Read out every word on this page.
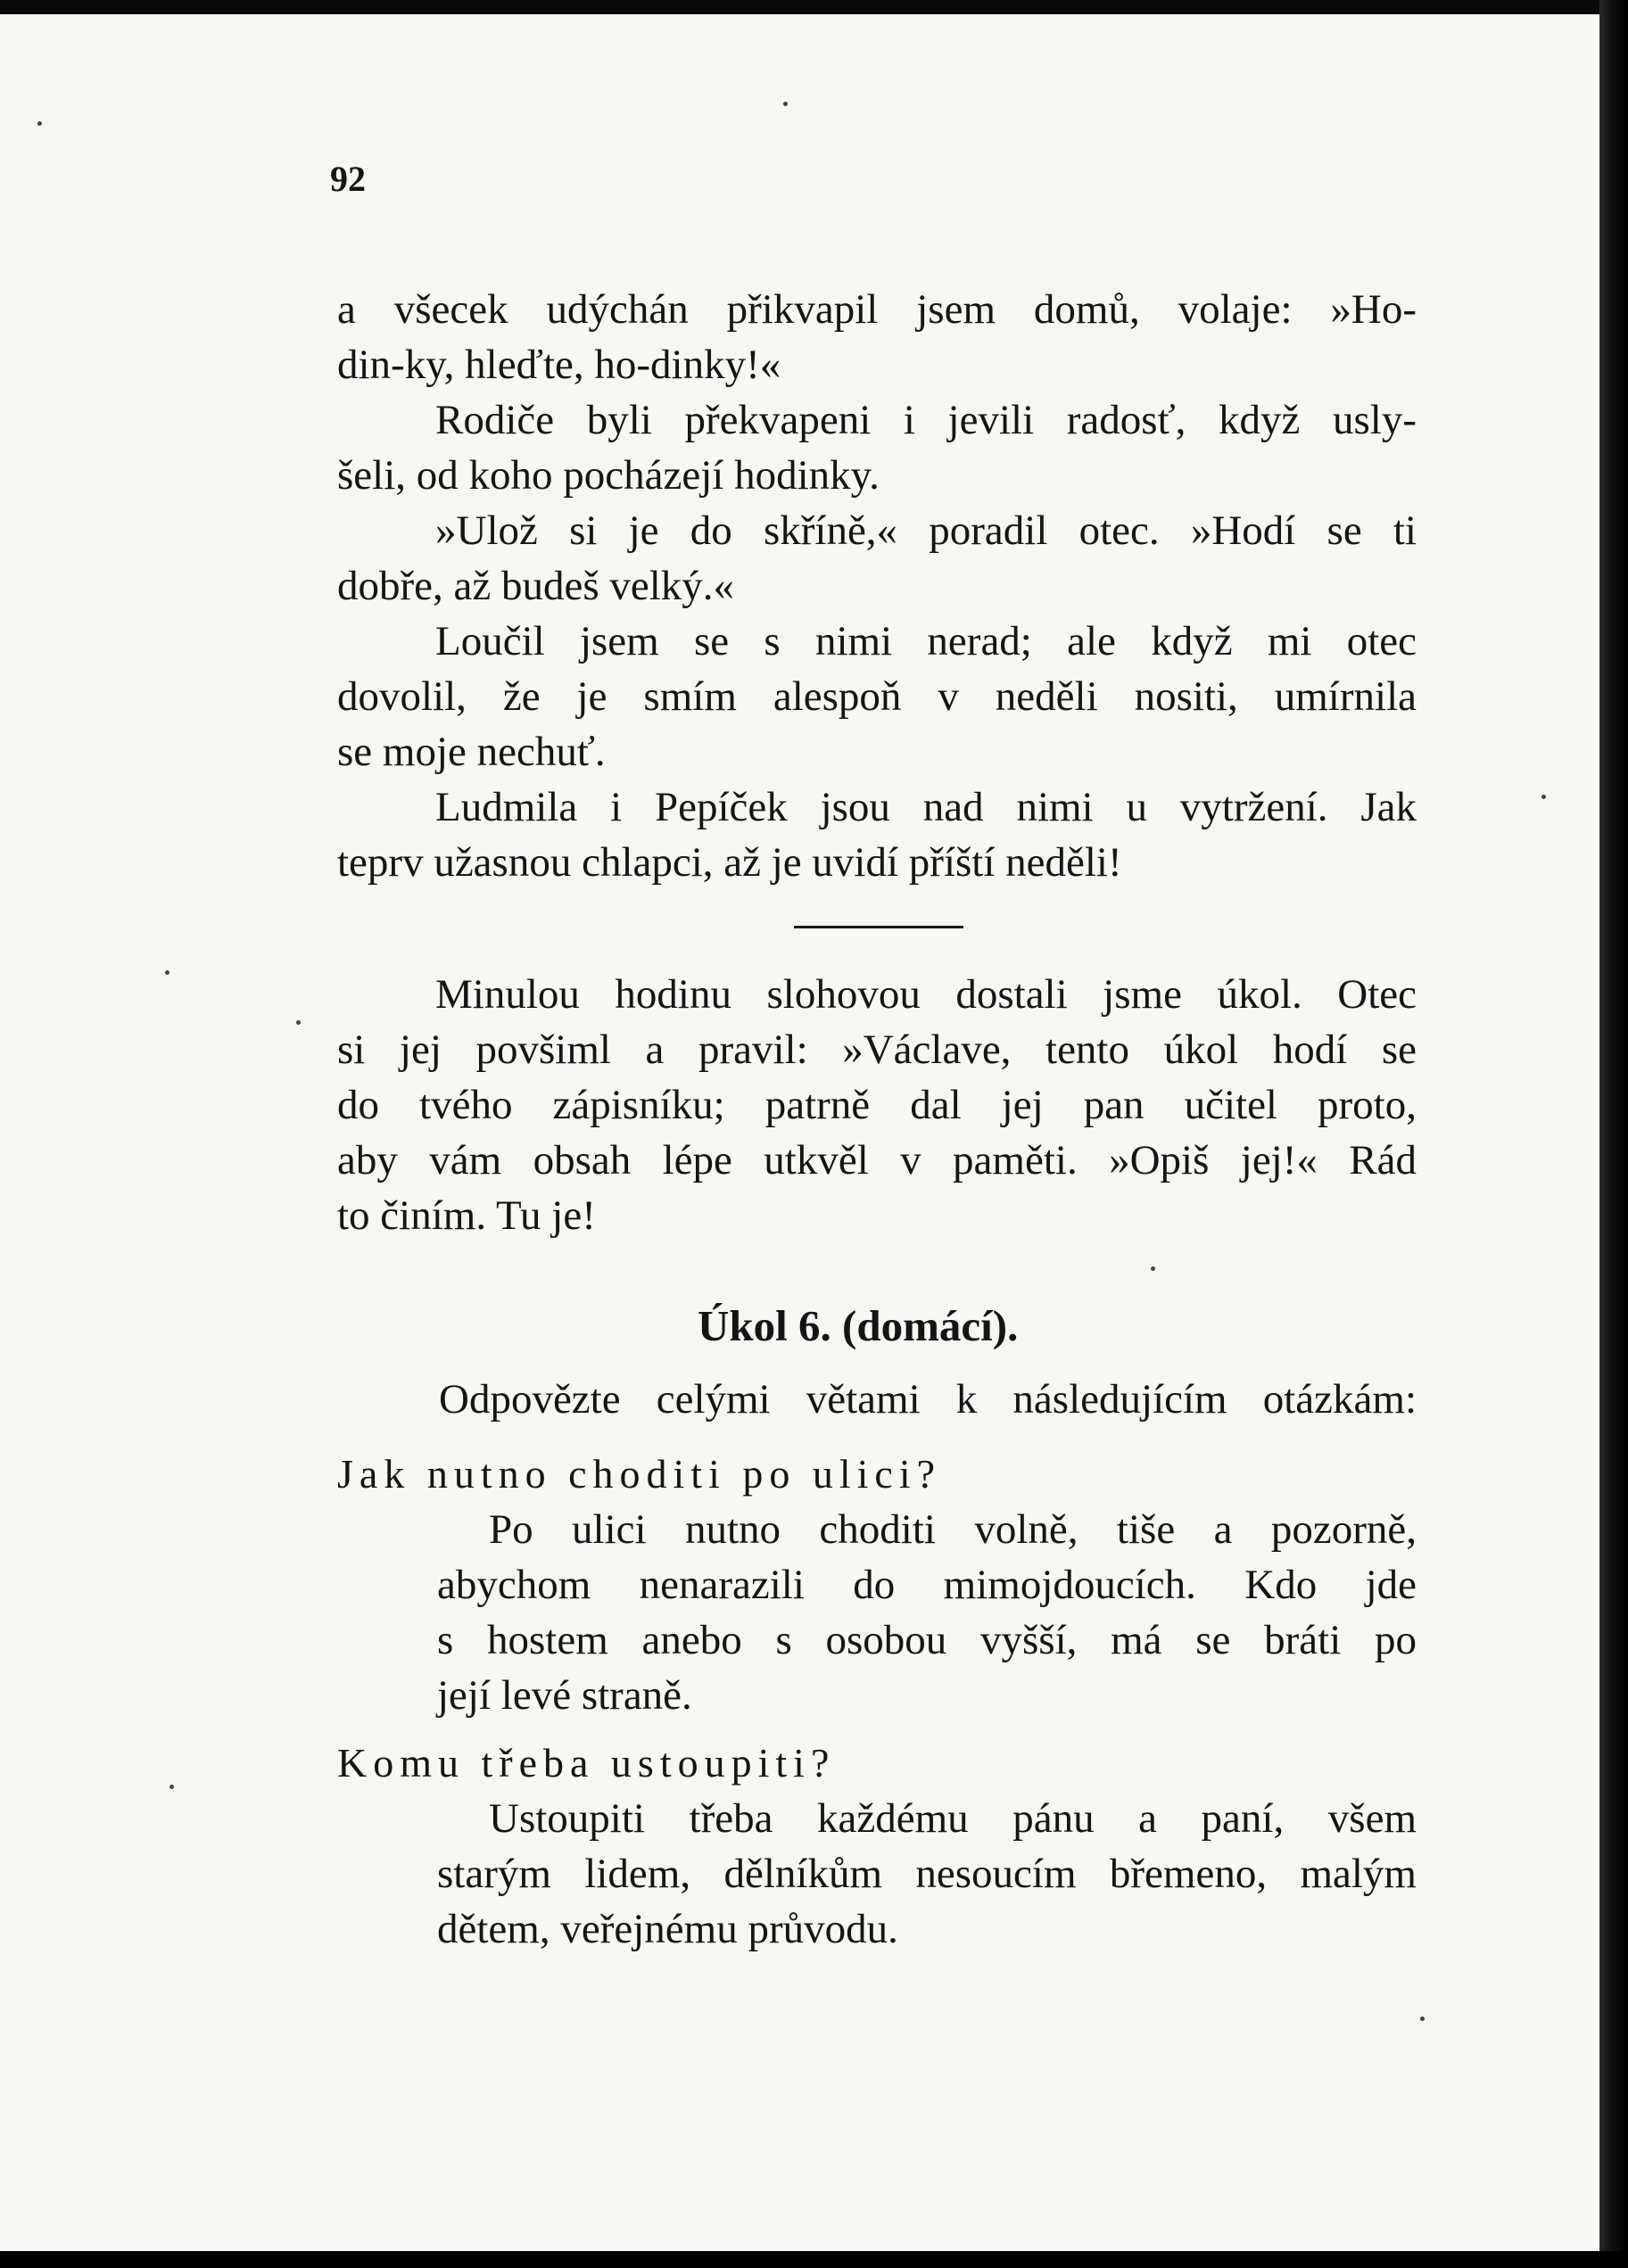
92
a všecek udýchán přikvapil jsem domů, volaje: »Ho-
din-ky, hleďte, ho-dinky!«
Rodiče byli překvapeni i jevili radosť, když usly-
šeli, od koho pocházejí hodinky.
»Ulož si je do skříně,« poradil otec. »Hodí se ti
dobře, až budeš velký.«
Loučil jsem se s nimi nerad; ale když mi otec
dovolil, že je smím alespoň v neděli nositi, umírnila
se moje nechuť.
Ludmila i Pepíček jsou nad nimi u vytržení. Jak
teprv užasnou chlapci, až je uvidí příští neděli!
Minulou hodinu slohovou dostali jsme úkol. Otec
si jej povšiml a pravil: »Václave, tento úkol hodí se
do tvého zápisníku; patrně dal jej pan učitel proto,
aby vám obsah lépe utkvěl v paměti. »Opiš jej!« Rád
to činím. Tu je!
Úkol 6. (domácí).
Odpovězte celými větami k následujícím otázkám:
Jak nutno choditi po ulici?
Po ulici nutno choditi volně, tiše a pozorně,
abychom nenarazili do mimojdoucích. Kdo jde
s hostem anebo s osobou vyšší, má se bráti po
její levé straně.
Komu třeba ustoupiti?
Ustoupiti třeba každému pánu a paní, všem
starým lidem, dělníkům nesoucím břemeno, malým
dětem, veřejnému průvodu.
